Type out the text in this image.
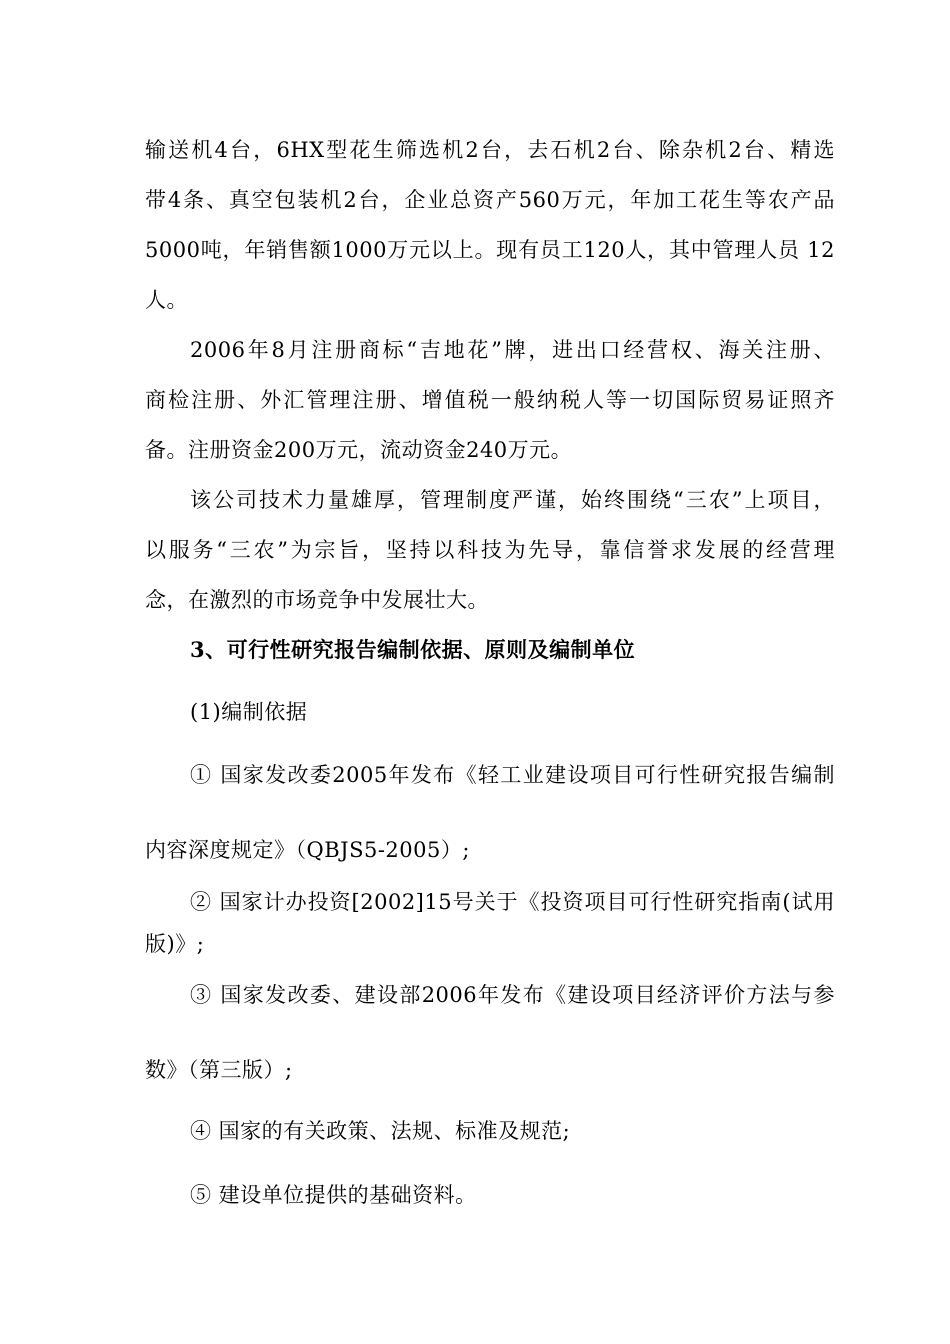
输送机4台，6HX型花生筛选机2台，去石机2台、除杂机2台、精选
带4条、真空包装机2台，企业总资产560万元，年加工花生等农产品
5000吨，年销售额1000万元以上。现有员工120人，其中管理人员 12
人。
2006年8月注册商标“吉地花”牌，进出口经营权、海关注册、
商检注册、外汇管理注册、增值税一般纳税人等一切国际贸易证照齐
备。注册资金200万元，流动资金240万元。
该公司技术力量雄厚，管理制度严谨，始终围绕“三农”上项目，
以服务“三农”为宗旨，坚持以科技为先导，靠信誉求发展的经营理
念，在激烈的市场竞争中发展壮大。
3、可行性研究报告编制依据、原则及编制单位
(1)编制依据
① 国家发改委2005年发布《轻工业建设项目可行性研究报告编制
内容深度规定》（QBJS5-2005）;
② 国家计办投资[2002]15号关于《投资项目可行性研究指南(试用
版)》;
③ 国家发改委、建设部2006年发布《建设项目经济评价方法与参
数》（第三版）;
④ 国家的有关政策、法规、标准及规范;
⑤ 建设单位提供的基础资料。
